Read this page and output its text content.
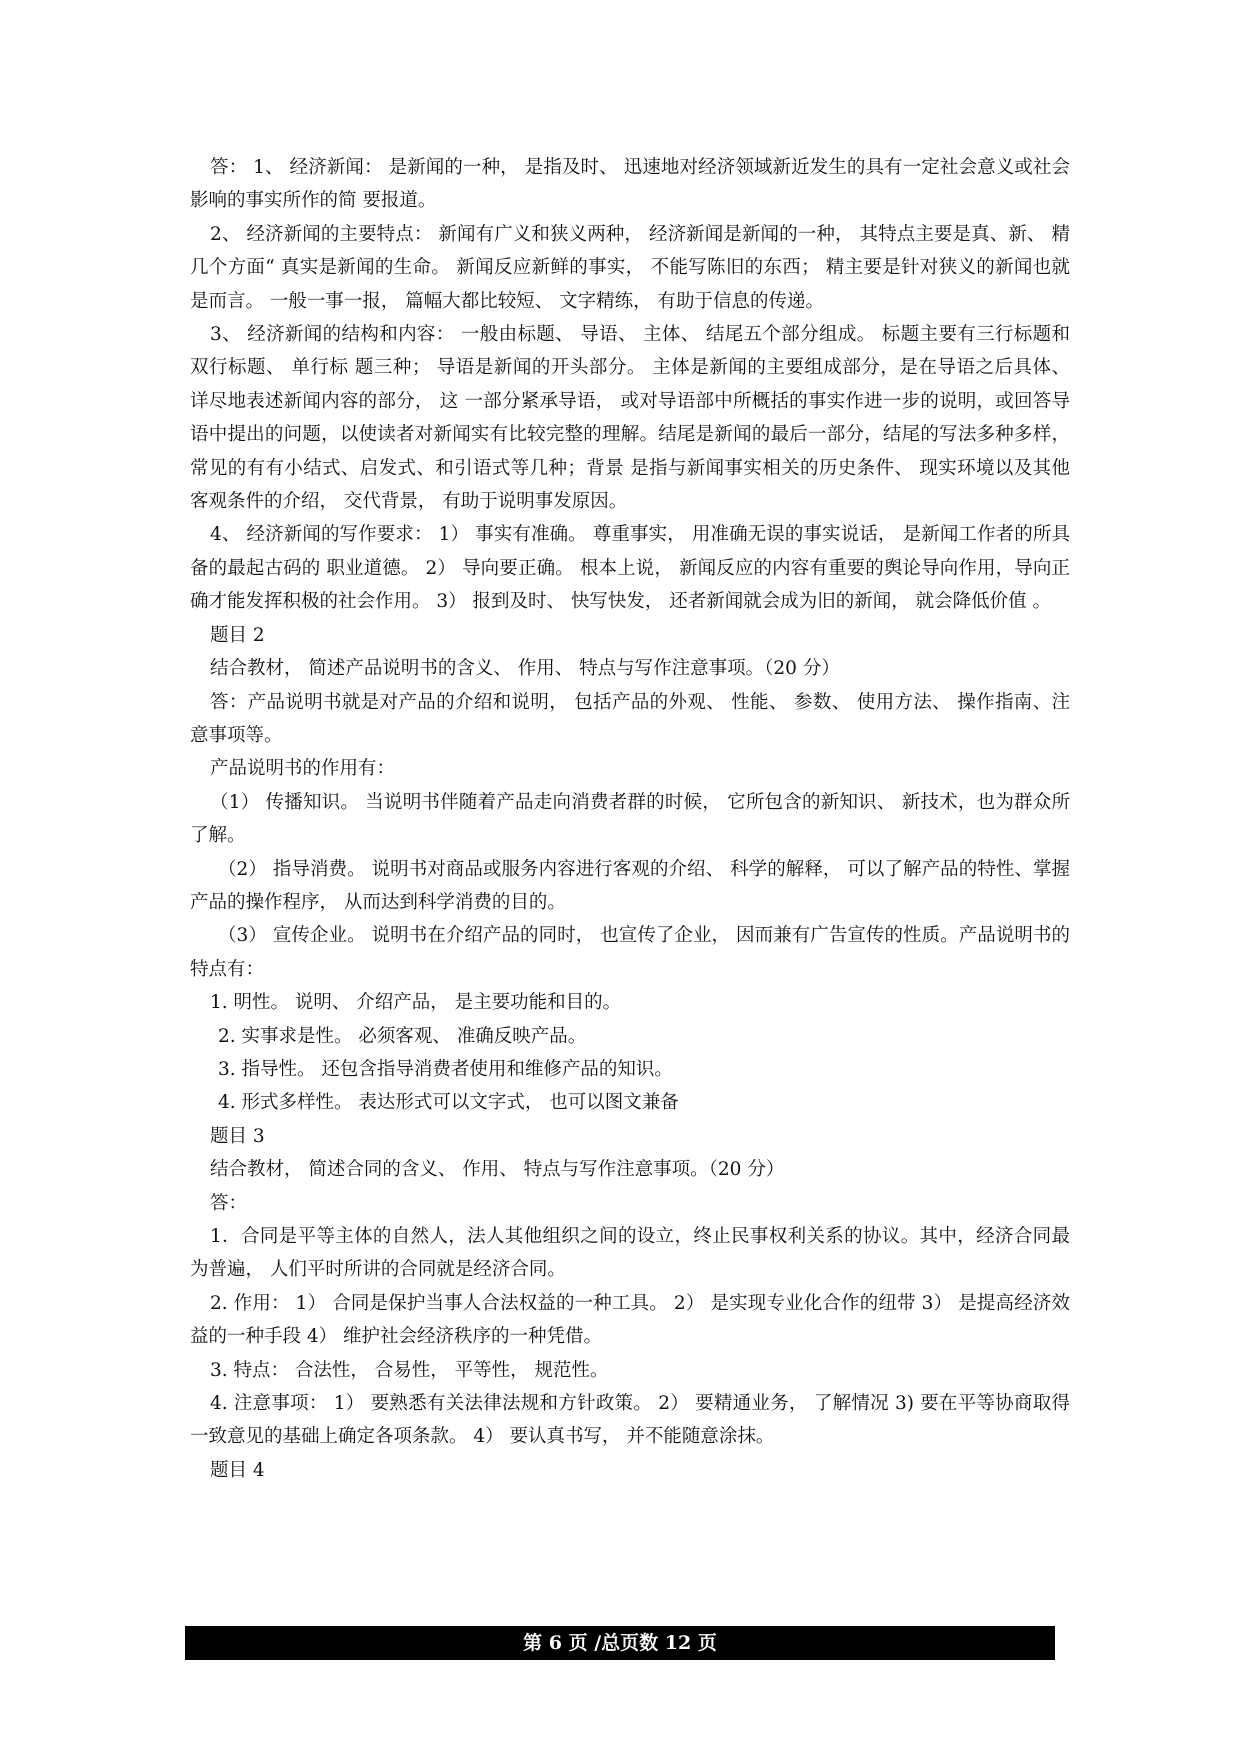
答： 1、 经济新闻： 是新闻的一种， 是指及时、 迅速地对经济领域新近发生的具有一定社会意义或社会影响的事实所作的简 要报道。

2、 经济新闻的主要特点： 新闻有广义和狭义两种， 经济新闻是新闻的一种， 其特点主要是真、新、 精几个方面“ 真实是新闻的生命。 新闻反应新鲜的事实， 不能写陈旧的东西； 精主要是针对狭义的新闻也就是而言。 一般一事一报， 篇幅大都比较短、 文字精练， 有助于信息的传递。

3、 经济新闻的结构和内容： 一般由标题、 导语、 主体、 结尾五个部分组成。 标题主要有三行标题和双行标题、 单行标 题三种； 导语是新闻的开头部分。 主体是新闻的主要组成部分，是在导语之后具体、 详尽地表述新闻内容的部分， 这 一部分紧承导语， 或对导语部中所概括的事实作进一步的说明，或回答导语中提出的问题，以使读者对新闻实有比较完整的理解。结尾是新闻的最后一部分，结尾的写法多种多样，常见的有有小结式、启发式、和引语式等几种；背景 是指与新闻事实相关的历史条件、 现实环境以及其他客观条件的介绍， 交代背景， 有助于说明事发原因。

4、 经济新闻的写作要求： 1） 事实有准确。 尊重事实， 用准确无误的事实说话， 是新闻工作者的所具备的最起古码的 职业道德。 2） 导向要正确。 根本上说， 新闻反应的内容有重要的舆论导向作用，导向正确才能发挥积极的社会作用。 3） 报到及时、 快写快发， 还者新闻就会成为旧的新闻， 就会降低价值 。

题目 2

结合教材， 简述产品说明书的含义、 作用、 特点与写作注意事项。（20 分）

答：产品说明书就是对产品的介绍和说明， 包括产品的外观、 性能、 参数、 使用方法、 操作指南、注意事项等。

产品说明书的作用有：

（1） 传播知识。 当说明书伴随着产品走向消费者群的时候， 它所包含的新知识、 新技术，也为群众所了解。

（2） 指导消费。 说明书对商品或服务内容进行客观的介绍、 科学的解释， 可以了解产品的特性、掌握产品的操作程序， 从而达到科学消费的目的。

（3） 宣传企业。 说明书在介绍产品的同时， 也宣传了企业， 因而兼有广告宣传的性质。产品说明书的特点有：

1. 明性。 说明、 介绍产品， 是主要功能和目的。

2. 实事求是性。 必须客观、 准确反映产品。

3. 指导性。 还包含指导消费者使用和维修产品的知识。

4. 形式多样性。 表达形式可以文字式， 也可以图文兼备

题目 3

结合教材， 简述合同的含义、 作用、 特点与写作注意事项。（20 分）

答：

1．合同是平等主体的自然人，法人其他组织之间的设立，终止民事权利关系的协议。其中，经济合同最为普遍， 人们平时所讲的合同就是经济合同。

2. 作用： 1） 合同是保护当事人合法权益的一种工具。 2） 是实现专业化合作的纽带 3） 是提高经济效益的一种手段 4） 维护社会经济秩序的一种凭借。

3. 特点： 合法性， 合易性， 平等性， 规范性。

4. 注意事项： 1） 要熟悉有关法律法规和方针政策。 2） 要精通业务， 了解情况 3) 要在平等协商取得一致意见的基础上确定各项条款。 4） 要认真书写， 并不能随意涂抹。

题目 4

第 6 页 /总页数 12 页
